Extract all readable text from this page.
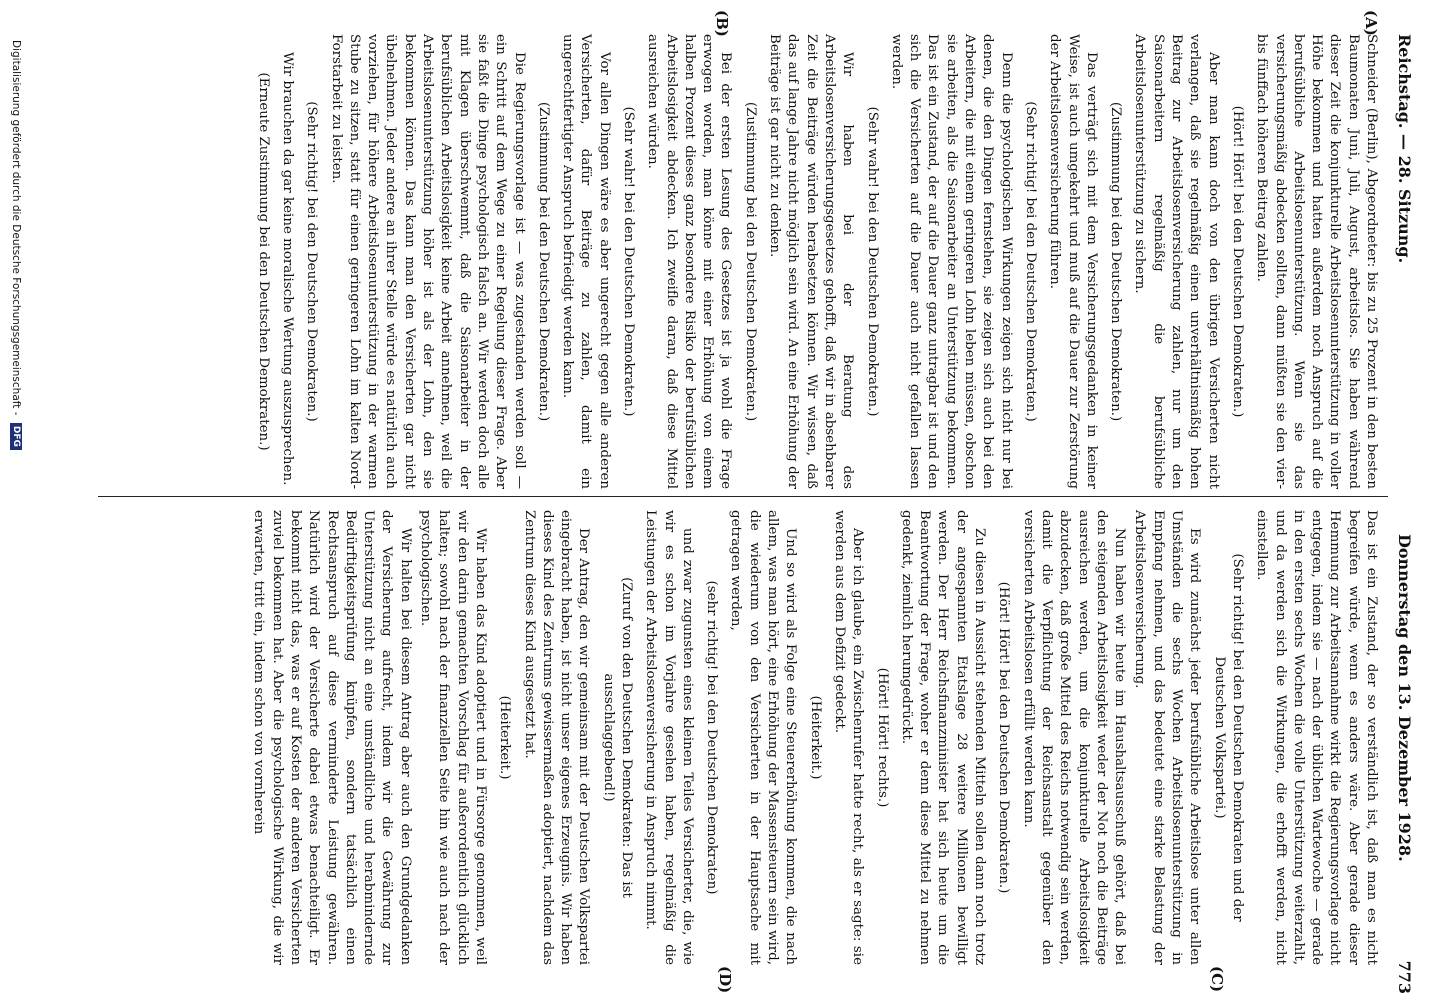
Reichstag. — 28. Sitzung.
Donnerstag den 13. Dezember 1928.
773
(A)
(B)
(C)
(D)

Schneider (Berlin), Abgeordneter: bis zu 25 Prozent in den besten Baumonaten Juni, Juli, August, arbeitslos. Sie haben während dieser Zeit die konjunkturelle Arbeitslosenunterstützung in voller Höhe bekommen und hatten außerdem noch Anspruch auf die berufsübliche Arbeitslosenunterstützung. Wenn sie das versicherungsmäßig abdecken sollten, dann müßten sie den vier- bis fünffach höheren Beitrag zahlen.

(Hört! Hört! bei den Deutschen Demokraten.)

Aber man kann doch von den übrigen Versicherten nicht verlangen, daß sie regelmäßig einen unverhältnismäßig hohen Beitrag zur Arbeitslosenversicherung zahlen, nur um den Saisonarbeitern regelmäßig die berufsübliche Arbeitslosenunterstützung zu sichern.

(Zustimmung bei den Deutschen Demokraten.)

Das verträgt sich mit dem Versicherungsgedanken in keiner Weise, ist auch umgekehrt und muß auf die Dauer zur Zerstörung der Arbeitslosenversicherung führen.

(Sehr richtig! bei den Deutschen Demokraten.)

Denn die psychologischen Wirkungen zeigen sich nicht nur bei denen, die den Dingen fernstehen, sie zeigen sich auch bei den Arbeitern, die mit einem geringeren Lohn leben müssen, obschon sie arbeiten, als die Saisonarbeiter an Unterstützung bekommen. Das ist ein Zustand, der auf die Dauer ganz untragbar ist und den sich die Versicherten auf die Dauer auch nicht gefallen lassen werden.

(Sehr wahr! bei den Deutschen Demokraten.)

Wir haben bei der Beratung des Arbeitslosenversicherungsgesetzes gehofft, daß wir in absehbarer Zeit die Beiträge würden herabsetzen können. Wir wissen, daß das auf lange Jahre nicht möglich sein wird. An eine Erhöhung der Beiträge ist gar nicht zu denken.

(Zustimmung bei den Deutschen Demokraten.)

Bei der ersten Lesung des Gesetzes ist ja wohl die Frage erwogen worden, man könne mit einer Erhöhung von einem halben Prozent dieses ganz besondere Risiko der berufsüblichen Arbeitslosigkeit abdecken. Ich zweifle daran, daß diese Mittel ausreichen würden.

(Sehr wahr! bei den Deutschen Demokraten.)

Vor allen Dingen wäre es aber ungerecht gegen alle anderen Versicherten, dafür Beiträge zu zahlen, damit ein ungerechtfertigter Anspruch befriedigt werden kann.

(Zustimmung bei den Deutschen Demokraten.)

Die Regierungsvorlage ist — was zugestanden werden soll — ein Schritt auf dem Wege zu einer Regelung dieser Frage. Aber sie faßt die Dinge psychologisch falsch an. Wir werden doch alle mit Klagen überschwemmt, daß die Saisonarbeiter in der berufsüblichen Arbeitslosigkeit keine Arbeit annehmen, weil die Arbeitslosenunterstützung höher ist als der Lohn, den sie bekommen können. Das kann man den Versicherten gar nicht übelnehmen. Jeder andere an ihrer Stelle würde es natürlich auch vorziehen, für höhere Arbeitslosenunterstützung in der warmen Stube zu sitzen, statt für einen geringeren Lohn im kalten Nord-Forstarbeit zu leisten.

(Sehr richtig! bei den Deutschen Demokraten.)

Wir brauchen da gar keine moralische Wertung auszusprechen.

(Erneute Zustimmung bei den Deutschen Demokraten.)

Das ist ein Zustand, der so verständlich ist, daß man es nicht begreifen würde, wenn es anders wäre. Aber gerade dieser Hemmung zur Arbeitsannahme wirkt die Regierungsvorlage nicht entgegen, indem sie — nach der üblichen Wartewoche — gerade in den ersten sechs Wochen die volle Unterstützung weiterzahlt, und da werden sich die Wirkungen, die erhofft werden, nicht einstellen.

(Sehr richtig! bei den Deutschen Demokraten und der Deutschen Volkspartei.)

Es wird zunächst jeder berufsübliche Arbeitslose unter allen Umständen die sechs Wochen Arbeitslosenunterstützung in Empfang nehmen, und das bedeutet eine starke Belastung der Arbeitslosenversicherung.

Nun haben wir heute im Haushaltsausschuß gehört, daß bei den steigenden Arbeitslosigkeit weder der Not noch die Beiträge ausreichen werden, um die konjunkturelle Arbeitslosigkeit abzudecken, daß große Mittel des Reichs notwendig sein werden, damit die Verpflichtung der Reichsanstalt gegenüber den versicherten Arbeitslosen erfüllt werden kann.

(Hört! Hört! bei den Deutschen Demokraten.)

Zu diesen in Aussicht stehenden Mitteln sollen dann noch trotz der angespannten Etatslage 28 weitere Millionen bewilligt werden. Der Herr Reichsfinanzminister hat sich heute um die Beantwortung der Frage, woher er denn diese Mittel zu nehmen gedenkt, ziemlich herumgedrückt.

(Hört! Hört! rechts.)

Aber ich glaube, ein Zwischenrufer hatte recht, als er sagte: sie werden aus dem Defizit gedeckt.

(Heiterkeit.)

Und so wird als Folge eine Steuererhöhung kommen, die nach allem, was man hört, eine Erhöhung der Massensteuern sein wird, die wiederum von den Versicherten in der Hauptsache mit getragen werden,

(sehr richtig! bei den Deutschen Demokraten)

und zwar zugunsten eines kleinen Teiles Versicherter, die, wie wir es schon im Vorjahre gesehen haben, regelmäßig die Leistungen der Arbeitslosenversicherung in Anspruch nimmt.

(Zuruf von den Deutschen Demokraten: Das ist ausschlaggebend!)

Der Antrag, den wir gemeinsam mit der Deutschen Volkspartei eingebracht haben, ist nicht unser eigenes Erzeugnis. Wir haben dieses Kind des Zentrums gewissermaßen adoptiert, nachdem das Zentrum dieses Kind ausgesetzt hat.

(Heiterkeit.)

Wir haben das Kind adoptiert und in Fürsorge genommen, weil wir den darin gemachten Vorschlag für außerordentlich glücklich halten; sowohl nach der finanziellen Seite hin wie auch nach der psychologischen.

Wir halten bei diesem Antrag aber auch den Grundgedanken der Versicherung aufrecht, indem wir die Gewährung zur Unterstützung nicht an eine umständliche und herabmindernde Bedürftigkeitsprüfung knüpfen, sondern tatsächlich einen Rechtsanspruch auf diese verminderte Leistung gewähren. Natürlich wird der Versicherte dabei etwas benachteiligt. Er bekommt nicht das, was er auf Kosten der anderen Versicherten zuviel bekommen hat. Aber die psychologische Wirkung, die wir erwarten, tritt ein, indem schon von vornherein

Digitalisierung gefördert durch die Deutsche Forschungsgemeinschaft - DFG
